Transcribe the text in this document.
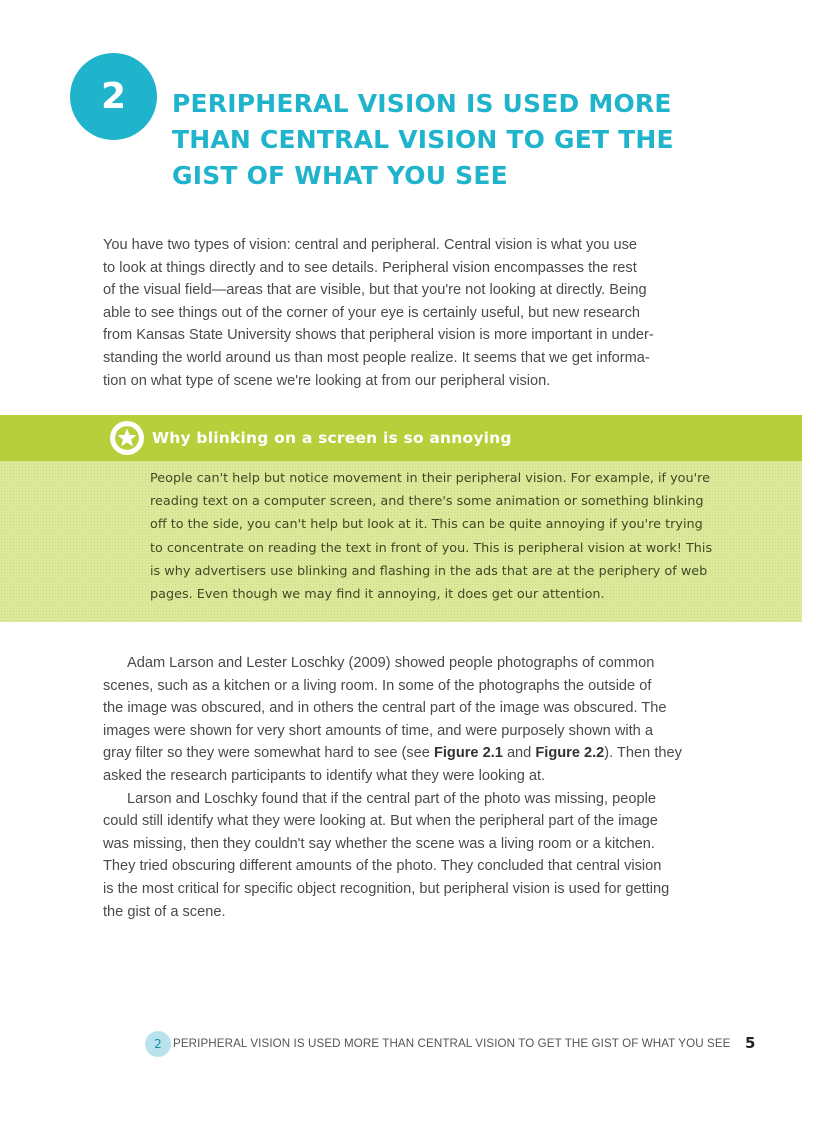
2	PERIPHERAL VISION IS USED MORE
THAN CENTRAL VISION TO GET THE
GIST OF WHAT YOU SEE

You have two types of vision: central and peripheral. Central vision is what you use
to look at things directly and to see details. Peripheral vision encompasses the rest
of the visual field—areas that are visible, but that you're not looking at directly. Being
able to see things out of the corner of your eye is certainly useful, but new research
from Kansas State University shows that peripheral vision is more important in under-
standing the world around us than most people realize. It seems that we get informa-
tion on what type of scene we're looking at from our peripheral vision.

Why blinking on a screen is so annoying

People can't help but notice movement in their peripheral vision. For example, if you're
reading text on a computer screen, and there's some animation or something blinking
off to the side, you can't help but look at it. This can be quite annoying if you're trying
to concentrate on reading the text in front of you. This is peripheral vision at work! This
is why advertisers use blinking and flashing in the ads that are at the periphery of web
pages. Even though we may find it annoying, it does get our attention.

Adam Larson and Lester Loschky (2009) showed people photographs of common
scenes, such as a kitchen or a living room. In some of the photographs the outside of
the image was obscured, and in others the central part of the image was obscured. The
images were shown for very short amounts of time, and were purposely shown with a
gray filter so they were somewhat hard to see (see Figure 2.1 and Figure 2.2). Then they
asked the research participants to identify what they were looking at.

Larson and Loschky found that if the central part of the photo was missing, people
could still identify what they were looking at. But when the peripheral part of the image
was missing, then they couldn't say whether the scene was a living room or a kitchen.
They tried obscuring different amounts of the photo. They concluded that central vision
is the most critical for specific object recognition, but peripheral vision is used for getting
the gist of a scene.

2 PERIPHERAL VISION IS USED MORE THAN CENTRAL VISION TO GET THE GIST OF WHAT YOU SEE 5
